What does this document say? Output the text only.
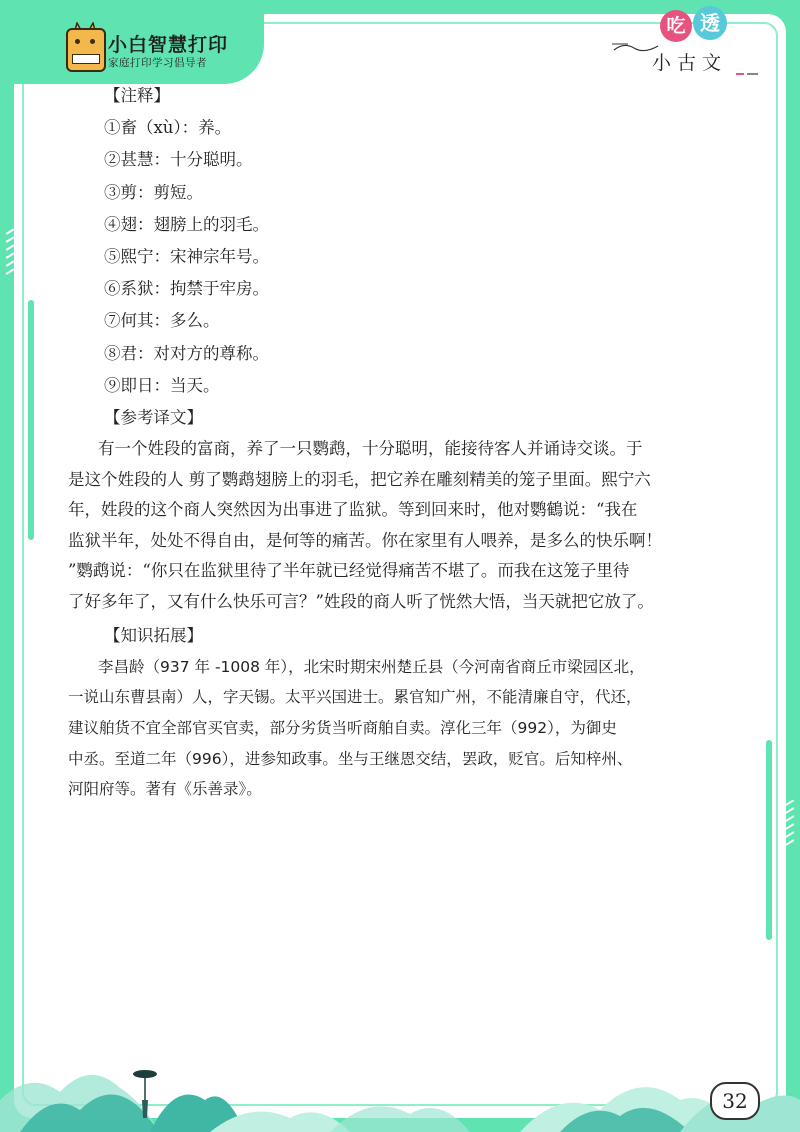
小白智慧打印
家庭打印学习倡导者
吃 透
小古文
【注释】
①畜（xù）：养。
②甚慧：十分聪明。
③剪：剪短。
④翅：翅膀上的羽毛。
⑤熙宁：宋神宗年号。
⑥系狱：拘禁于牢房。
⑦何其：多么。
⑧君：对对方的尊称。
⑨即日：当天。
【参考译文】
有一个姓段的富商，养了一只鹦鹉，十分聪明，能接待客人并诵诗交谈。于
是这个姓段的人 剪了鹦鹉翅膀上的羽毛，把它养在雕刻精美的笼子里面。熙宁六
年，姓段的这个商人突然因为出事进了监狱。等到回来时，他对鹦鶴说：“我在
监狱半年，处处不得自由，是何等的痛苦。你在家里有人喂养，是多么的快乐啊！
”鹦鹉说：“你只在监狱里待了半年就已经觉得痛苦不堪了。而我在这笼子里待
了好多年了，又有什么快乐可言？”姓段的商人听了恍然大悟，当天就把它放了。
【知识拓展】
李昌龄（937 年 -1008 年），北宋时期宋州楚丘县（今河南省商丘市梁园区北，
一说山东曹县南）人，字天锡。太平兴国进士。累官知广州，不能清廉自守，代还，
建议舶货不宜全部官买官卖，部分劣货当听商舶自卖。淳化三年（992），为御史
中丞。至道二年（996），进参知政事。坐与王继恩交结，罢政，贬官。后知梓州、
河阳府等。著有《乐善录》。
32
